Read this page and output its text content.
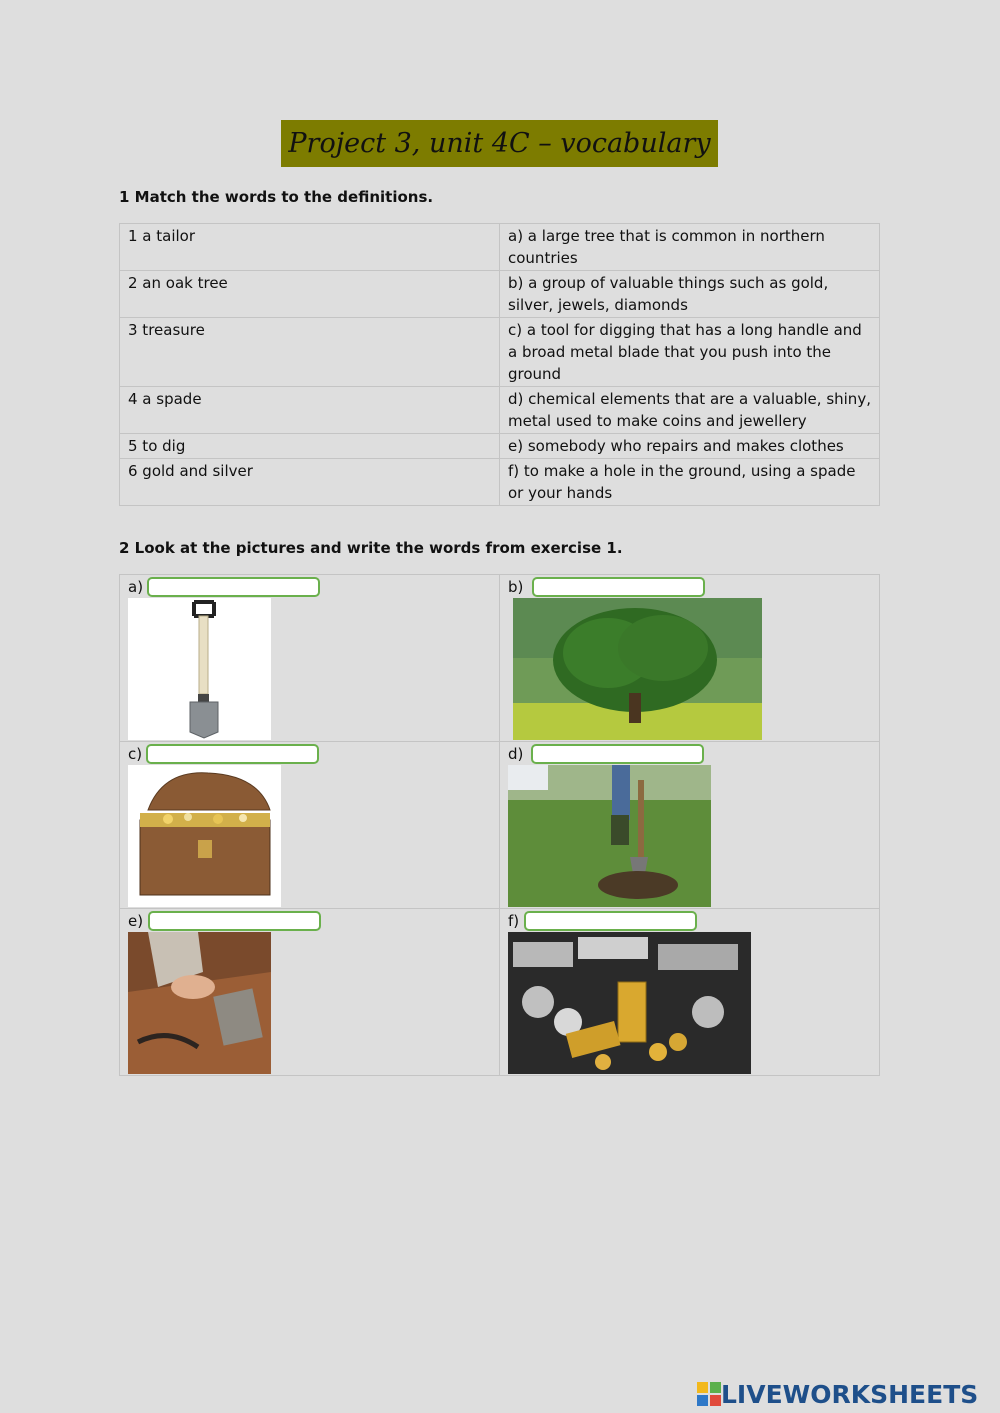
Project 3, unit 4C – vocabulary
1 Match the words to the definitions.
1 a tailor	a) a large tree that is common in northern countries
2 an oak tree	b) a group of valuable things such as gold, silver, jewels, diamonds
3 treasure	c) a tool for digging that has a long handle and a broad metal blade that you push into the ground
4 a spade	d) chemical elements that are a valuable, shiny, metal used to make coins and jewellery
5 to dig	e) somebody who repairs and makes clothes
6 gold and silver	f) to make a hole in the ground, using a spade or your hands
2 Look at the pictures and write the words from exercise 1.
a)	b)
c)	d)
e)	f)
LIVEWORKSHEETS
